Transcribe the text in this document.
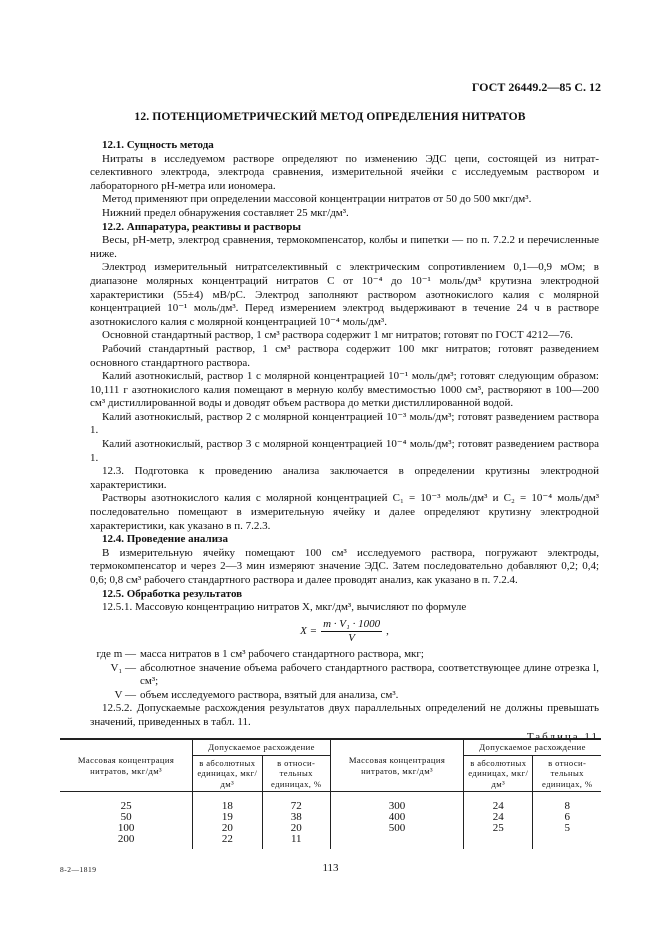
ГОСТ 26449.2—85 С. 12
12. ПОТЕНЦИОМЕТРИЧЕСКИЙ МЕТОД ОПРЕДЕЛЕНИЯ НИТРАТОВ

12.1. Сущность метода

Нитраты в исследуемом растворе определяют по изменению ЭДС цепи, состоящей из нитрат-селективного электрода, электрода сравнения, измерительной ячейки с исследуемым раствором и лабораторного pH-метра или иономера.

Метод применяют при определении массовой концентрации нитратов от 50 до 500 мкг/дм³.

Нижний предел обнаружения составляет 25 мкг/дм³.

12.2. Аппаратура, реактивы и растворы

Весы, pH-метр, электрод сравнения, термокомпенсатор, колбы и пипетки — по п. 7.2.2 и перечисленные ниже.

Электрод измерительный нитратселективный с электрическим сопротивлением 0,1—0,9 мОм; в диапазоне молярных концентраций нитратов C от 10⁻⁴ до 10⁻¹ моль/дм³ крутизна электродной характеристики (55±4) мВ/pC. Электрод заполняют раствором азотнокислого калия с молярной концентрацией 10⁻¹ моль/дм³. Перед измерением электрод выдерживают в течение 24 ч в растворе азотнокислого калия с молярной концентрацией 10⁻⁴ моль/дм³.

Основной стандартный раствор, 1 см³ раствора содержит 1 мг нитратов; готовят по ГОСТ 4212—76.

Рабочий стандартный раствор, 1 см³ раствора содержит 100 мкг нитратов; готовят разведением основного стандартного раствора.

Калий азотнокислый, раствор 1 с молярной концентрацией 10⁻¹ моль/дм³; готовят следующим образом: 10,111 г азотнокислого калия помещают в мерную колбу вместимостью 1000 см³, растворяют в 100—200 см³ дистиллированной воды и доводят объем раствора до метки дистиллированной водой.

Калий азотнокислый, раствор 2 с молярной концентрацией 10⁻³ моль/дм³; готовят разведением раствора 1.

Калий азотнокислый, раствор 3 с молярной концентрацией 10⁻⁴ моль/дм³; готовят разведением раствора 1.

12.3. Подготовка к проведению анализа заключается в определении крутизны электродной характеристики.

Растворы азотнокислого калия с молярной концентрацией C₁ = 10⁻³ моль/дм³ и C₂ = 10⁻⁴ моль/дм³ последовательно помещают в измерительную ячейку и далее определяют крутизну электродной характеристики, как указано в п. 7.2.3.

12.4. Проведение анализа

В измерительную ячейку помещают 100 см³ исследуемого раствора, погружают электроды, термокомпенсатор и через 2—3 мин измеряют значение ЭДС. Затем последовательно добавляют 0,2; 0,4; 0,6; 0,8 см³ рабочего стандартного раствора и далее проводят анализ, как указано в п. 7.2.4.

12.5. Обработка результатов

12.5.1. Массовую концентрацию нитратов X, мкг/дм³, вычисляют по формуле

$X = \frac{\text{m · V₁ · 1000}}{V}$ ,
где m — масса нитратов в 1 см³ рабочего стандартного раствора, мкг;
V₁ — абсолютное значение объема рабочего стандартного раствора, соответствующее длине отрезка l, см³;
V — объем исследуемого раствора, взятый для анализа, см³.

12.5.2. Допускаемые расхождения результатов двух параллельных определений не должны превышать значений, приведенных в табл. 11.

Таблица 11
Массовая концентрация нитратов, мкг/дм³	Допускаемое расхождение		Массовая концентрация нитратов, мкг/дм³	Допускаемое расхождение	
	в абсолютных единицах, мкг/дм³	в относи-тельных единицах, %		в абсолютных единицах, мкг/дм³	в относи-тельных единицах, %
25	18	72	300	24	8
50	19	38	400	24	6
100	20	20	500	25	5
200	22	11			
8-2—1819	113
